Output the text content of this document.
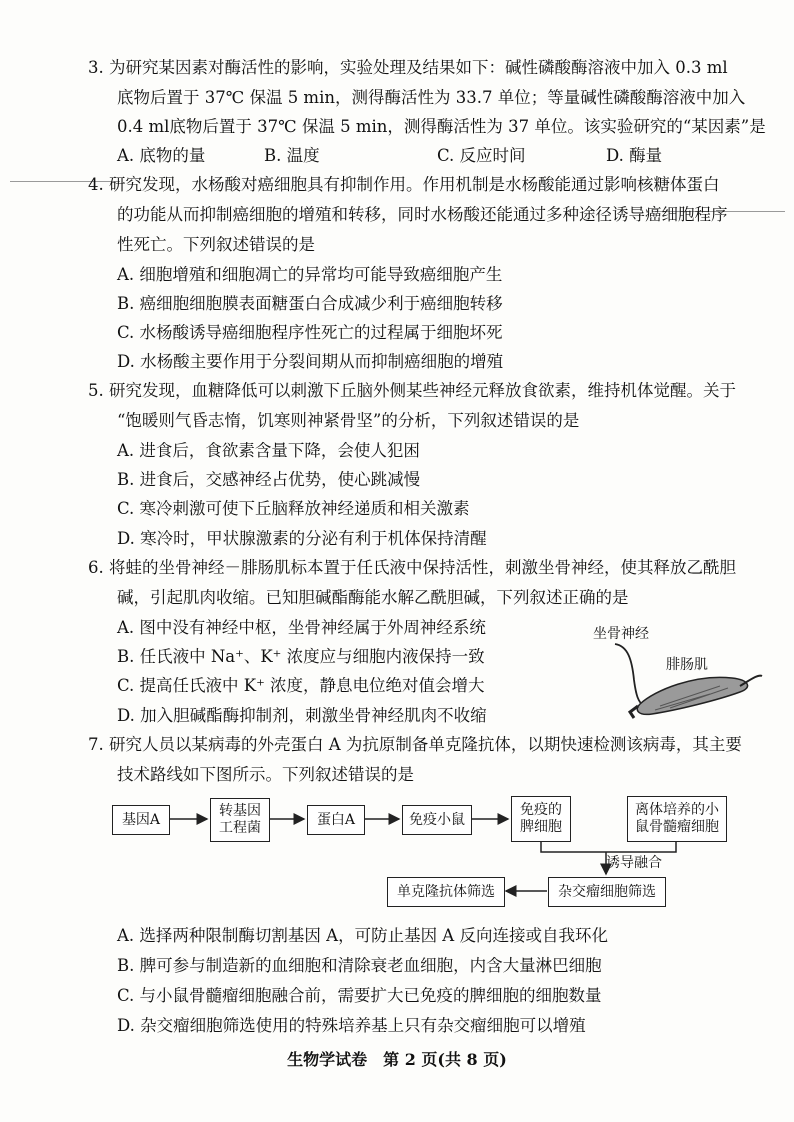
3. 为研究某因素对酶活性的影响，实验处理及结果如下：碱性磷酸酶溶液中加入 0.3 ml
底物后置于 37℃ 保温 5 min，测得酶活性为 33.7 单位；等量碱性磷酸酶溶液中加入
0.4 ml底物后置于 37℃ 保温 5 min，测得酶活性为 37 单位。该实验研究的“某因素”是
A. 底物的量	B. 温度	C. 反应时间	D. 酶量
4. 研究发现，水杨酸对癌细胞具有抑制作用。作用机制是水杨酸能通过影响核糖体蛋白
的功能从而抑制癌细胞的增殖和转移，同时水杨酸还能通过多种途径诱导癌细胞程序
性死亡。下列叙述错误的是
A. 细胞增殖和细胞凋亡的异常均可能导致癌细胞产生
B. 癌细胞细胞膜表面糖蛋白合成减少利于癌细胞转移
C. 水杨酸诱导癌细胞程序性死亡的过程属于细胞坏死
D. 水杨酸主要作用于分裂间期从而抑制癌细胞的增殖
5. 研究发现，血糖降低可以刺激下丘脑外侧某些神经元释放食欲素，维持机体觉醒。关于
“饱暖则气昏志惰，饥寒则神紧骨坚”的分析，下列叙述错误的是
A. 进食后，食欲素含量下降，会使人犯困
B. 进食后，交感神经占优势，使心跳减慢
C. 寒冷刺激可使下丘脑释放神经递质和相关激素
D. 寒冷时，甲状腺激素的分泌有利于机体保持清醒
6. 将蛙的坐骨神经－腓肠肌标本置于任氏液中保持活性，刺激坐骨神经，使其释放乙酰胆
碱，引起肌肉收缩。已知胆碱酯酶能水解乙酰胆碱，下列叙述正确的是
A. 图中没有神经中枢，坐骨神经属于外周神经系统
B. 任氏液中 Na⁺、K⁺ 浓度应与细胞内液保持一致
C. 提高任氏液中 K⁺ 浓度，静息电位绝对值会增大
D. 加入胆碱酯酶抑制剂，刺激坐骨神经肌肉不收缩
坐骨神经
腓肠肌
7. 研究人员以某病毒的外壳蛋白 A 为抗原制备单克隆抗体，以期快速检测该病毒，其主要
技术路线如下图所示。下列叙述错误的是
基因A
转基因
工程菌
蛋白A	免疫小鼠
免疫的
脾细胞
离体培养的小
鼠骨髓瘤细胞
杂交瘤细胞筛选
单克隆抗体筛选
诱导融合
A. 选择两种限制酶切割基因 A，可防止基因 A 反向连接或自我环化
B. 脾可参与制造新的血细胞和清除衰老血细胞，内含大量淋巴细胞
C. 与小鼠骨髓瘤细胞融合前，需要扩大已免疫的脾细胞的细胞数量
D. 杂交瘤细胞筛选使用的特殊培养基上只有杂交瘤细胞可以增殖
生物学试卷　第 2 页(共 8 页)
